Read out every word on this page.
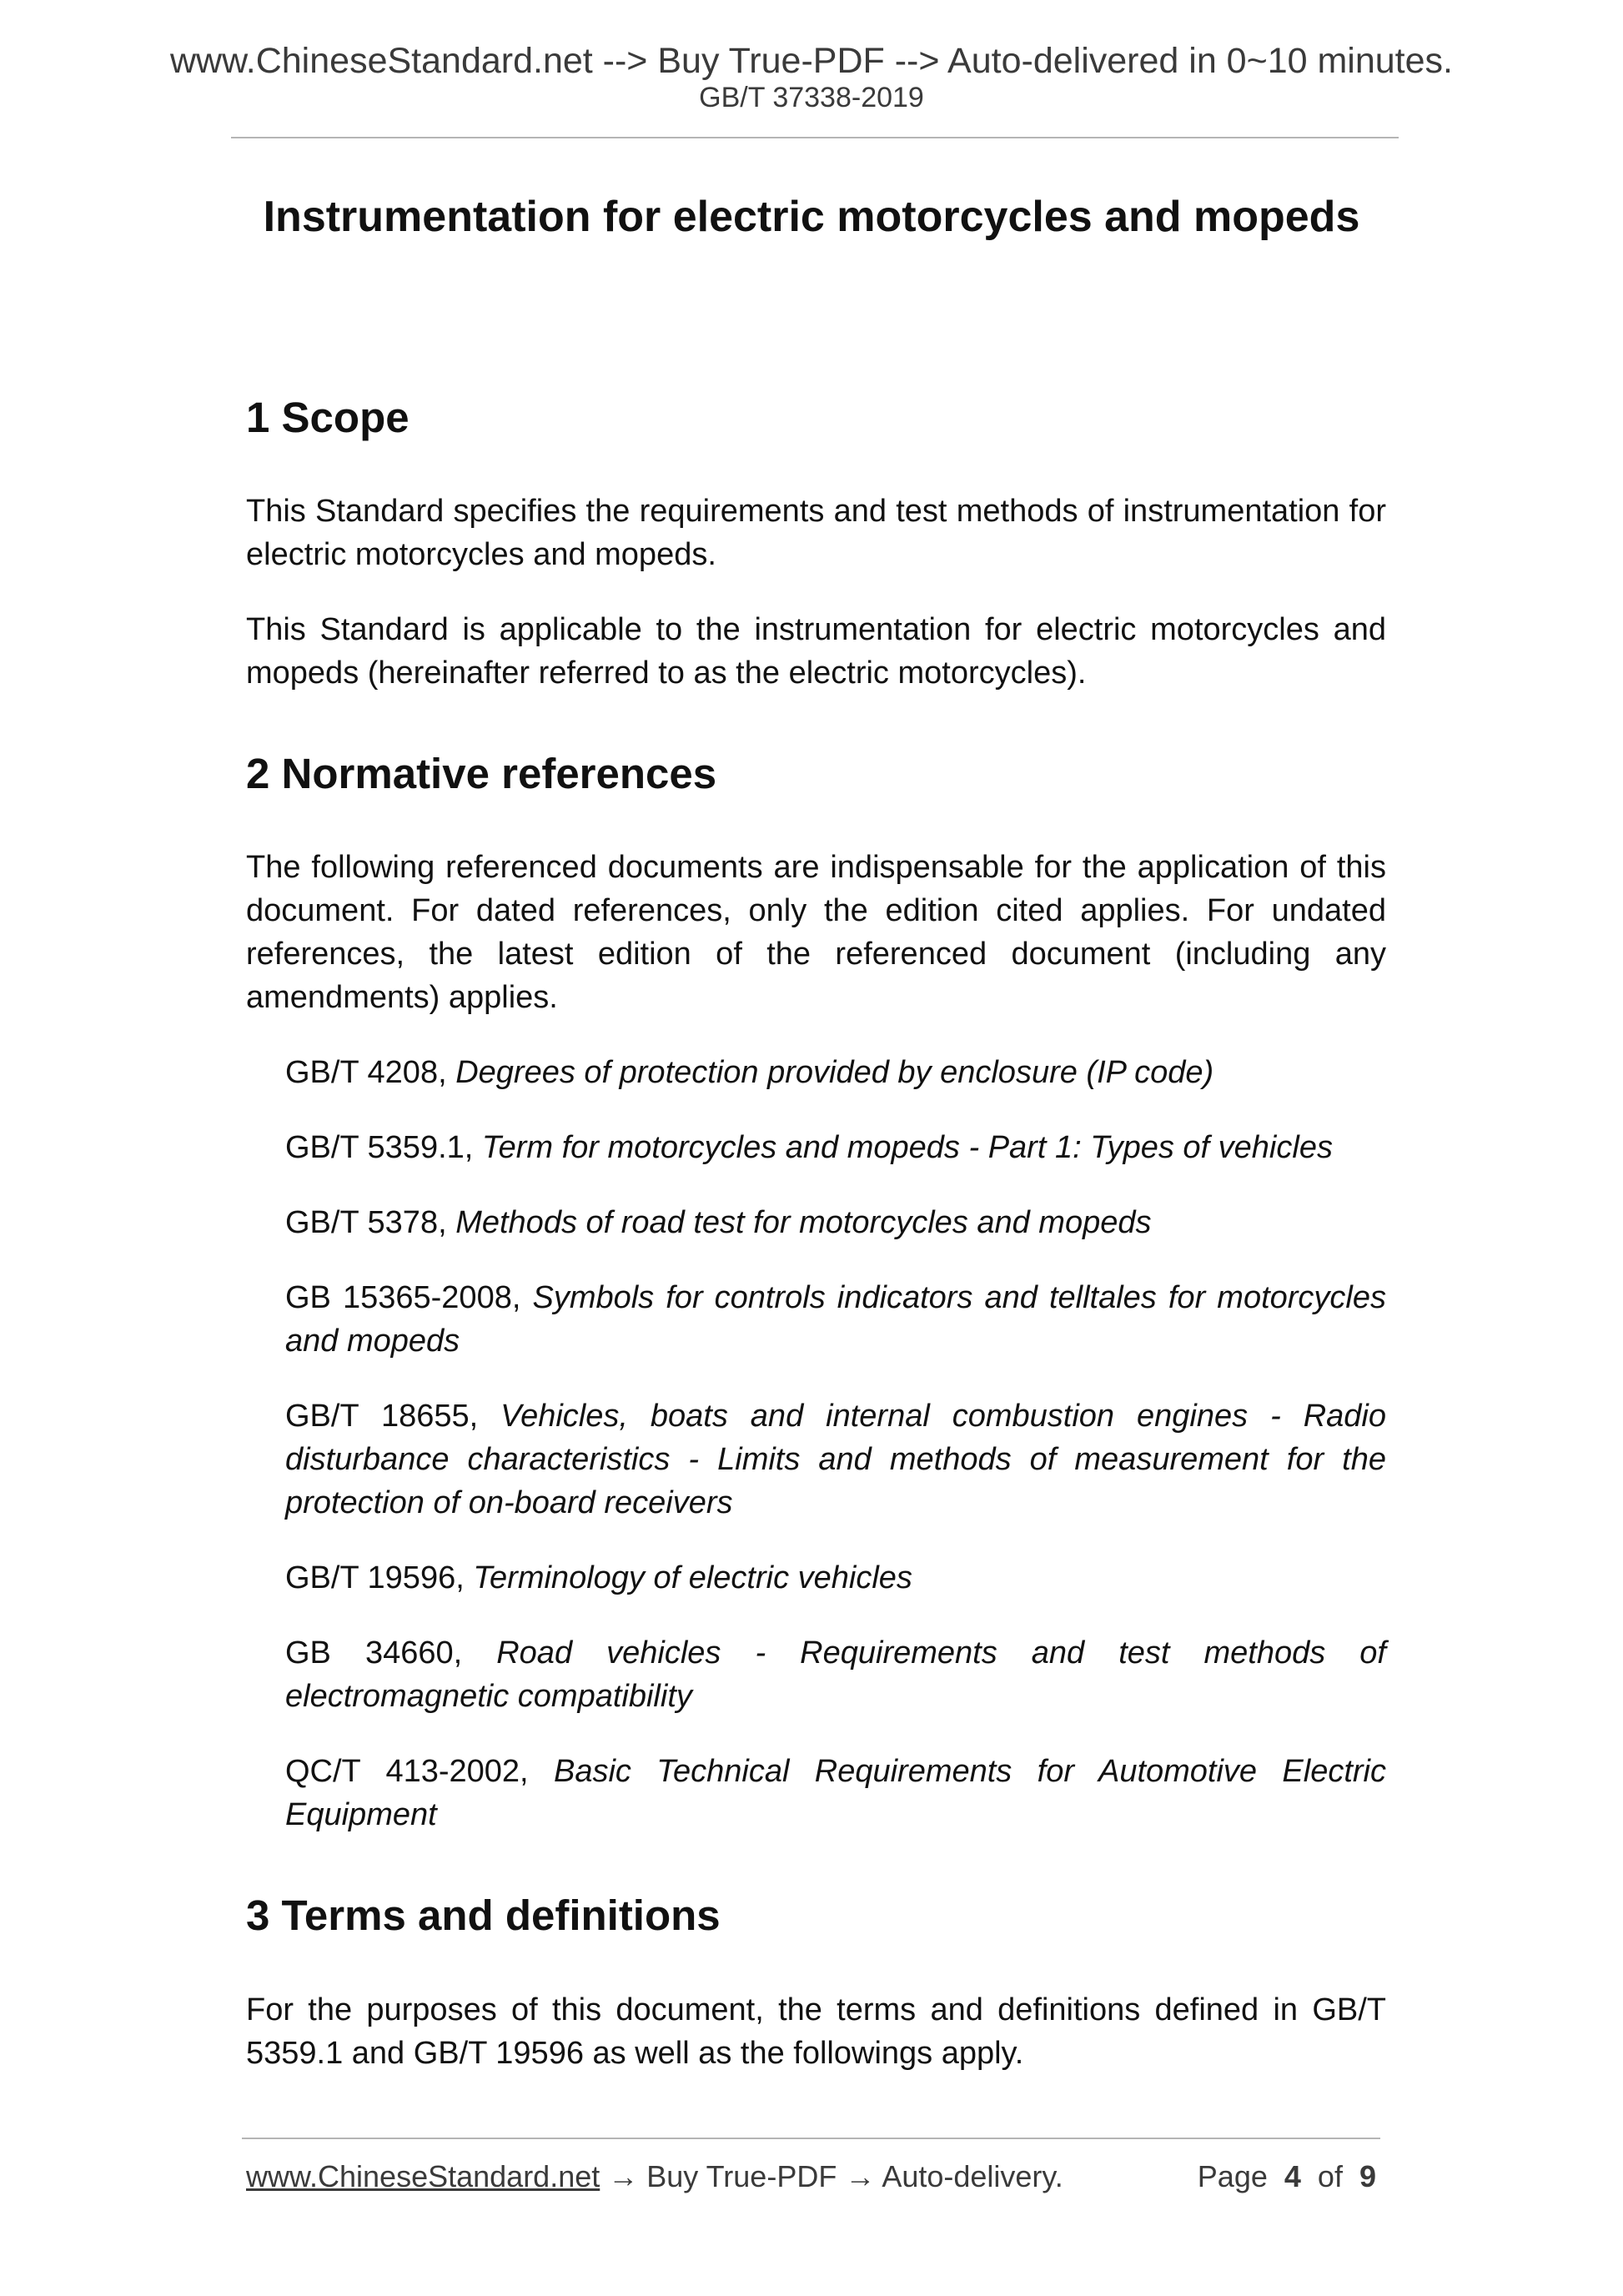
www.ChineseStandard.net --> Buy True-PDF --> Auto-delivered in 0~10 minutes.
GB/T 37338-2019
Instrumentation for electric motorcycles and mopeds
1 Scope

This Standard specifies the requirements and test methods of instrumentation for electric motorcycles and mopeds.

This Standard is applicable to the instrumentation for electric motorcycles and mopeds (hereinafter referred to as the electric motorcycles).

2 Normative references

The following referenced documents are indispensable for the application of this document. For dated references, only the edition cited applies. For undated references, the latest edition of the referenced document (including any amendments) applies.

GB/T 4208, Degrees of protection provided by enclosure (IP code)

GB/T 5359.1, Term for motorcycles and mopeds - Part 1: Types of vehicles

GB/T 5378, Methods of road test for motorcycles and mopeds

GB 15365-2008, Symbols for controls indicators and telltales for motorcycles and mopeds

GB/T 18655, Vehicles, boats and internal combustion engines - Radio disturbance characteristics - Limits and methods of measurement for the protection of on-board receivers

GB/T 19596, Terminology of electric vehicles

GB 34660, Road vehicles - Requirements and test methods of electromagnetic compatibility

QC/T 413-2002, Basic Technical Requirements for Automotive Electric Equipment

3 Terms and definitions

For the purposes of this document, the terms and definitions defined in GB/T 5359.1 and GB/T 19596 as well as the followings apply.

www.ChineseStandard.net → Buy True-PDF → Auto-delivery.	Page 4 of 9
